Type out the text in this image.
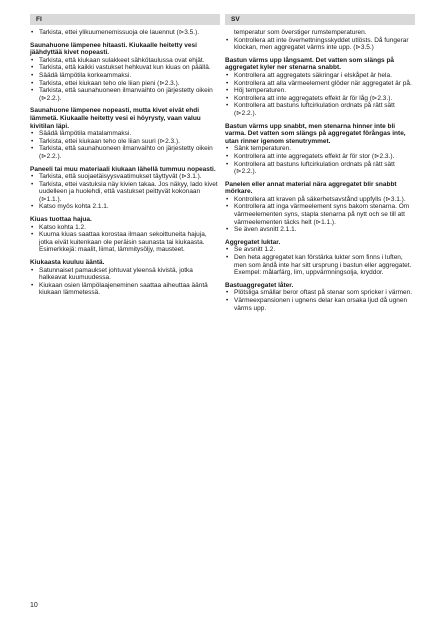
FI
• Tarkista, ettei ylikuumenemissuoja ole lauennut (⊳3.5.).

Saunahuone lämpenee hitaasti. Kiukaalle heitetty vesi jäähdyttää kivet nopeasti.

• Tarkista, että kiukaan sulakkeet sähkötaulussa ovat ehjät.
• Tarkista, että kaikki vastukset hehkuvat kun kiuas on päällä.
• Säädä lämpötila korkeammaksi.
• Tarkista, ettei kiukaan teho ole liian pieni (⊳2.3.).
• Tarkista, että saunahuoneen ilmanvaihto on järjestetty oikein (⊳2.2.).

Saunahuone lämpenee nopeasti, mutta kivet eivät ehdi lämmetä. Kiukaalle heitetty vesi ei höyrysty, vaan valuu kivitilan läpi.

• Säädä lämpötila matalammaksi.
• Tarkista, ettei kiukaan teho ole liian suuri (⊳2.3.).
• Tarkista, että saunahuoneen ilmanvaihto on järjestetty oikein (⊳2.2.).

Paneeli tai muu materiaali kiukaan lähellä tummuu nopeasti.

• Tarkista, että suojaetäisyysvaatimukset täyttyvät (⊳3.1.).
• Tarkista, ettei vastuksia näy kivien takaa. Jos näkyy, lado kivet uudelleen ja huolehdi, että vastukset peittyvät kokonaan (⊳1.1.).
• Katso myös kohta 2.1.1.

Kiuas tuottaa hajua.

• Katso kohta 1.2.
• Kuuma kiuas saattaa korostaa ilmaan sekoittuneita hajuja, jotka eivät kuitenkaan ole peräisin saunasta tai kiukaasta. Esimerkkejä: maalit, liimat, lämmitysöljy, mausteet.

Kiukaasta kuuluu ääntä.

• Satunnaiset pamaukset johtuvat yleensä kivistä, jotka halkeavat kuumuudessa.
• Kiukaan osien lämpölaajeneminen saattaa aiheuttaa ääntä kiukaan lämmetessä.
SV
temperatur som överstiger rumstemperaturen.
• Kontrollera att inte överhettningsskyddet utlösts. Då fungerar klockan, men aggregatet värms inte upp. (⊳3.5.)

Bastun värms upp långsamt. Det vatten som slängs på aggregatet kyler ner stenarna snabbt.

• Kontrollera att aggregatets säkringar i elskåpet är hela.
• Kontrollera att alla värmeelement glöder när aggregatet är på.
• Höj temperaturen.
• Kontrollera att inte aggregatets effekt är för låg (⊳2.3.).
• Kontrollera att bastuns luftcirkulation ordnats på rätt sätt (⊳2.2.).

Bastun värms upp snabbt, men stenarna hinner inte bli varma. Det vatten som slängs på aggregatet förångas inte, utan rinner igenom stenutrymmet.

• Sänk temperaturen.
• Kontrollera att inte aggregatets effekt är för stor (⊳2.3.).
• Kontrollera att bastuns luftcirkulation ordnats på rätt sätt (⊳2.2.).

Panelen eller annat material nära aggregatet blir snabbt mörkare.

• Kontrollera att kraven på säkerhetsavstånd uppfylls (⊳3.1.).
• Kontrollera att inga värmeelement syns bakom stenarna. Om värmeelementen syns, stapla stenarna på nytt och se till att värmeelementen täcks helt (⊳1.1.).
• Se även avsnitt 2.1.1.

Aggregatet luktar.

• Se avsnitt 1.2.
• Den heta aggregatet kan förstärka lukter som finns i luften, men som ändå inte har sitt ursprung i bastun eller aggregatet. Exempel: målarfärg, lim, uppvärmningsolja, kryddor.

Bastuaggregatet låter.

• Plötsliga smällar beror oftast på stenar som spricker i värmen.
• Värmeexpansionen i ugnens delar kan orsaka ljud då ugnen värms upp.
10
